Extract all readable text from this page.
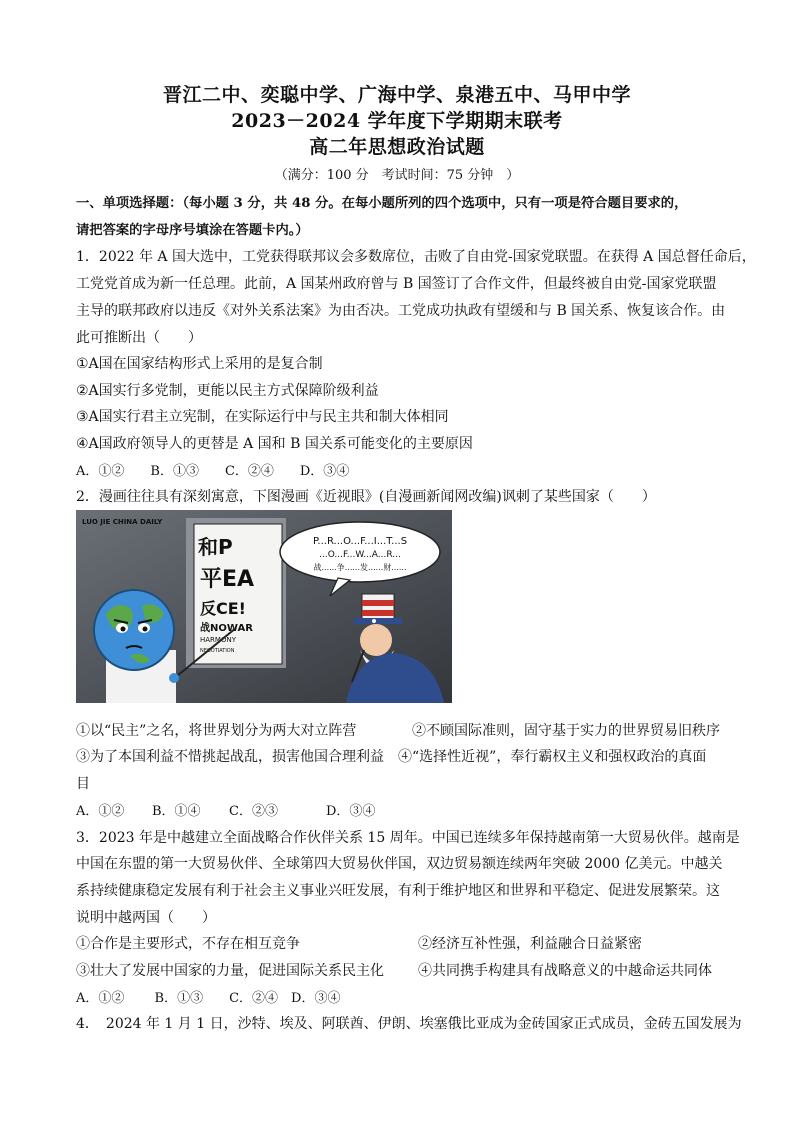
晋江二中、奕聪中学、广海中学、泉港五中、马甲中学
2023－2024 学年度下学期期末联考
高二年思想政治试题
（满分：100 分　考试时间：75 分钟　）
一、单项选择题：（每小题 3 分，共 48 分。在每小题所列的四个选项中，只有一项是符合题目要求的，
请把答案的字母序号填涂在答题卡内。）
1．2022 年 A 国大选中，工党获得联邦议会多数席位，击败了自由党-国家党联盟。在获得 A 国总督任命后，
工党党首成为新一任总理。此前，A 国某州政府曾与 B 国签订了合作文件，但最终被自由党-国家党联盟
主导的联邦政府以违反《对外关系法案》为由否决。工党成功执政有望缓和与 B 国关系、恢复该合作。由
此可推断出（　　）
①A国在国家结构形式上采用的是复合制
②A国实行多党制，更能以民主方式保障阶级利益
③A国实行君主立宪制，在实际运行中与民主共和制大体相同
④A国政府领导人的更替是 A 国和 B 国关系可能变化的主要原因
A．①②　　B．①③　　C．②④　　D．③④
2．漫画往往具有深刻寓意，下图漫画《近视眼》(自漫画新闻网改编)讽刺了某些国家（　　）
和P
平EA
反CE!
战NOWAR
HARMONY
NEGOTIATION
LUO JIE CHINA DAILY
P...R...O...F...I...T...S
...O...F...W...A...R...
战......争......发......财......
①以“民主”之名，将世界划分为两大对立阵营	②不顾国际准则，固守基于实力的世界贸易旧秩序
③为了本国利益不惜挑起战乱，损害他国合理利益	④“选择性近视”，奉行霸权主义和强权政治的真面
目
A．①② B．①④ C．②③	D．③④
3．2023 年是中越建立全面战略合作伙伴关系 15 周年。中国已连续多年保持越南第一大贸易伙伴。越南是
中国在东盟的第一大贸易伙伴、全球第四大贸易伙伴国，双边贸易额连续两年突破 2000 亿美元。中越关
系持续健康稳定发展有利于社会主义事业兴旺发展，有利于维护地区和世界和平稳定、促进发展繁荣。这
说明中越两国（　　）
①合作是主要形式，不存在相互竞争	②经济互补性强，利益融合日益紧密
③壮大了发展中国家的力量，促进国际关系民主化	④共同携手构建具有战略意义的中越命运共同体
A．①②　　 B．①③　　C．②④　D．③④
4．　2024 年 1 月 1 日，沙特、埃及、阿联酋、伊朗、埃塞俄比亚成为金砖国家正式成员，金砖五国发展为
